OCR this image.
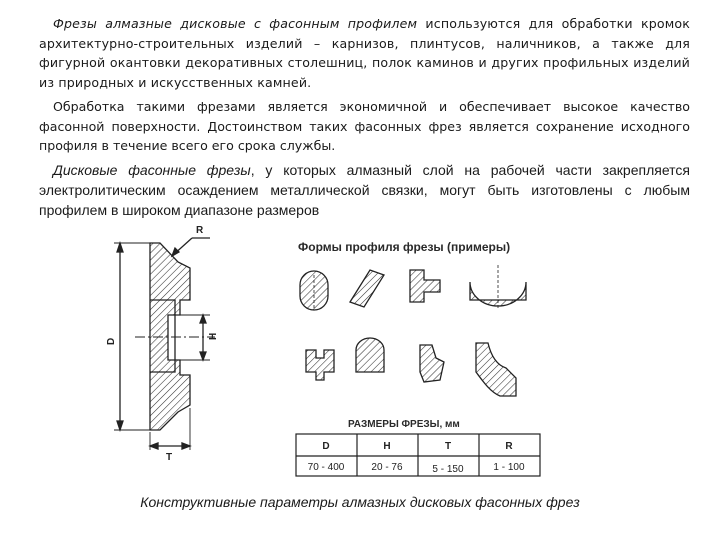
Фрезы алмазные дисковые с фасонным профилем используются для обработки кромок архитектурно-строительных изделий – карнизов, плинтусов, наличников, а также для фигурной окантовки декоративных столешниц, полок каминов и других профильных изделий из природных и искусственных камней.
Обработка такими фрезами является экономичной и обеспечивает высокое качество фасонной поверхности. Достоинством таких фасонных фрез является сохранение исходного профиля в течение всего его срока службы.
Дисковые фасонные фрезы, у которых алмазный слой на рабочей части закрепляется электролитическим осаждением металлической связки, могут быть изготовлены с любым профилем в широком диапазоне размеров
R
D
H
T
Формы профиля фрезы (примеры)
РАЗМЕРЫ ФРЕЗЫ, мм
D	H	T	R
70 - 400	20 - 76	5 - 150	1 - 100
Конструктивные параметры алмазных дисковых фасонных фрез
